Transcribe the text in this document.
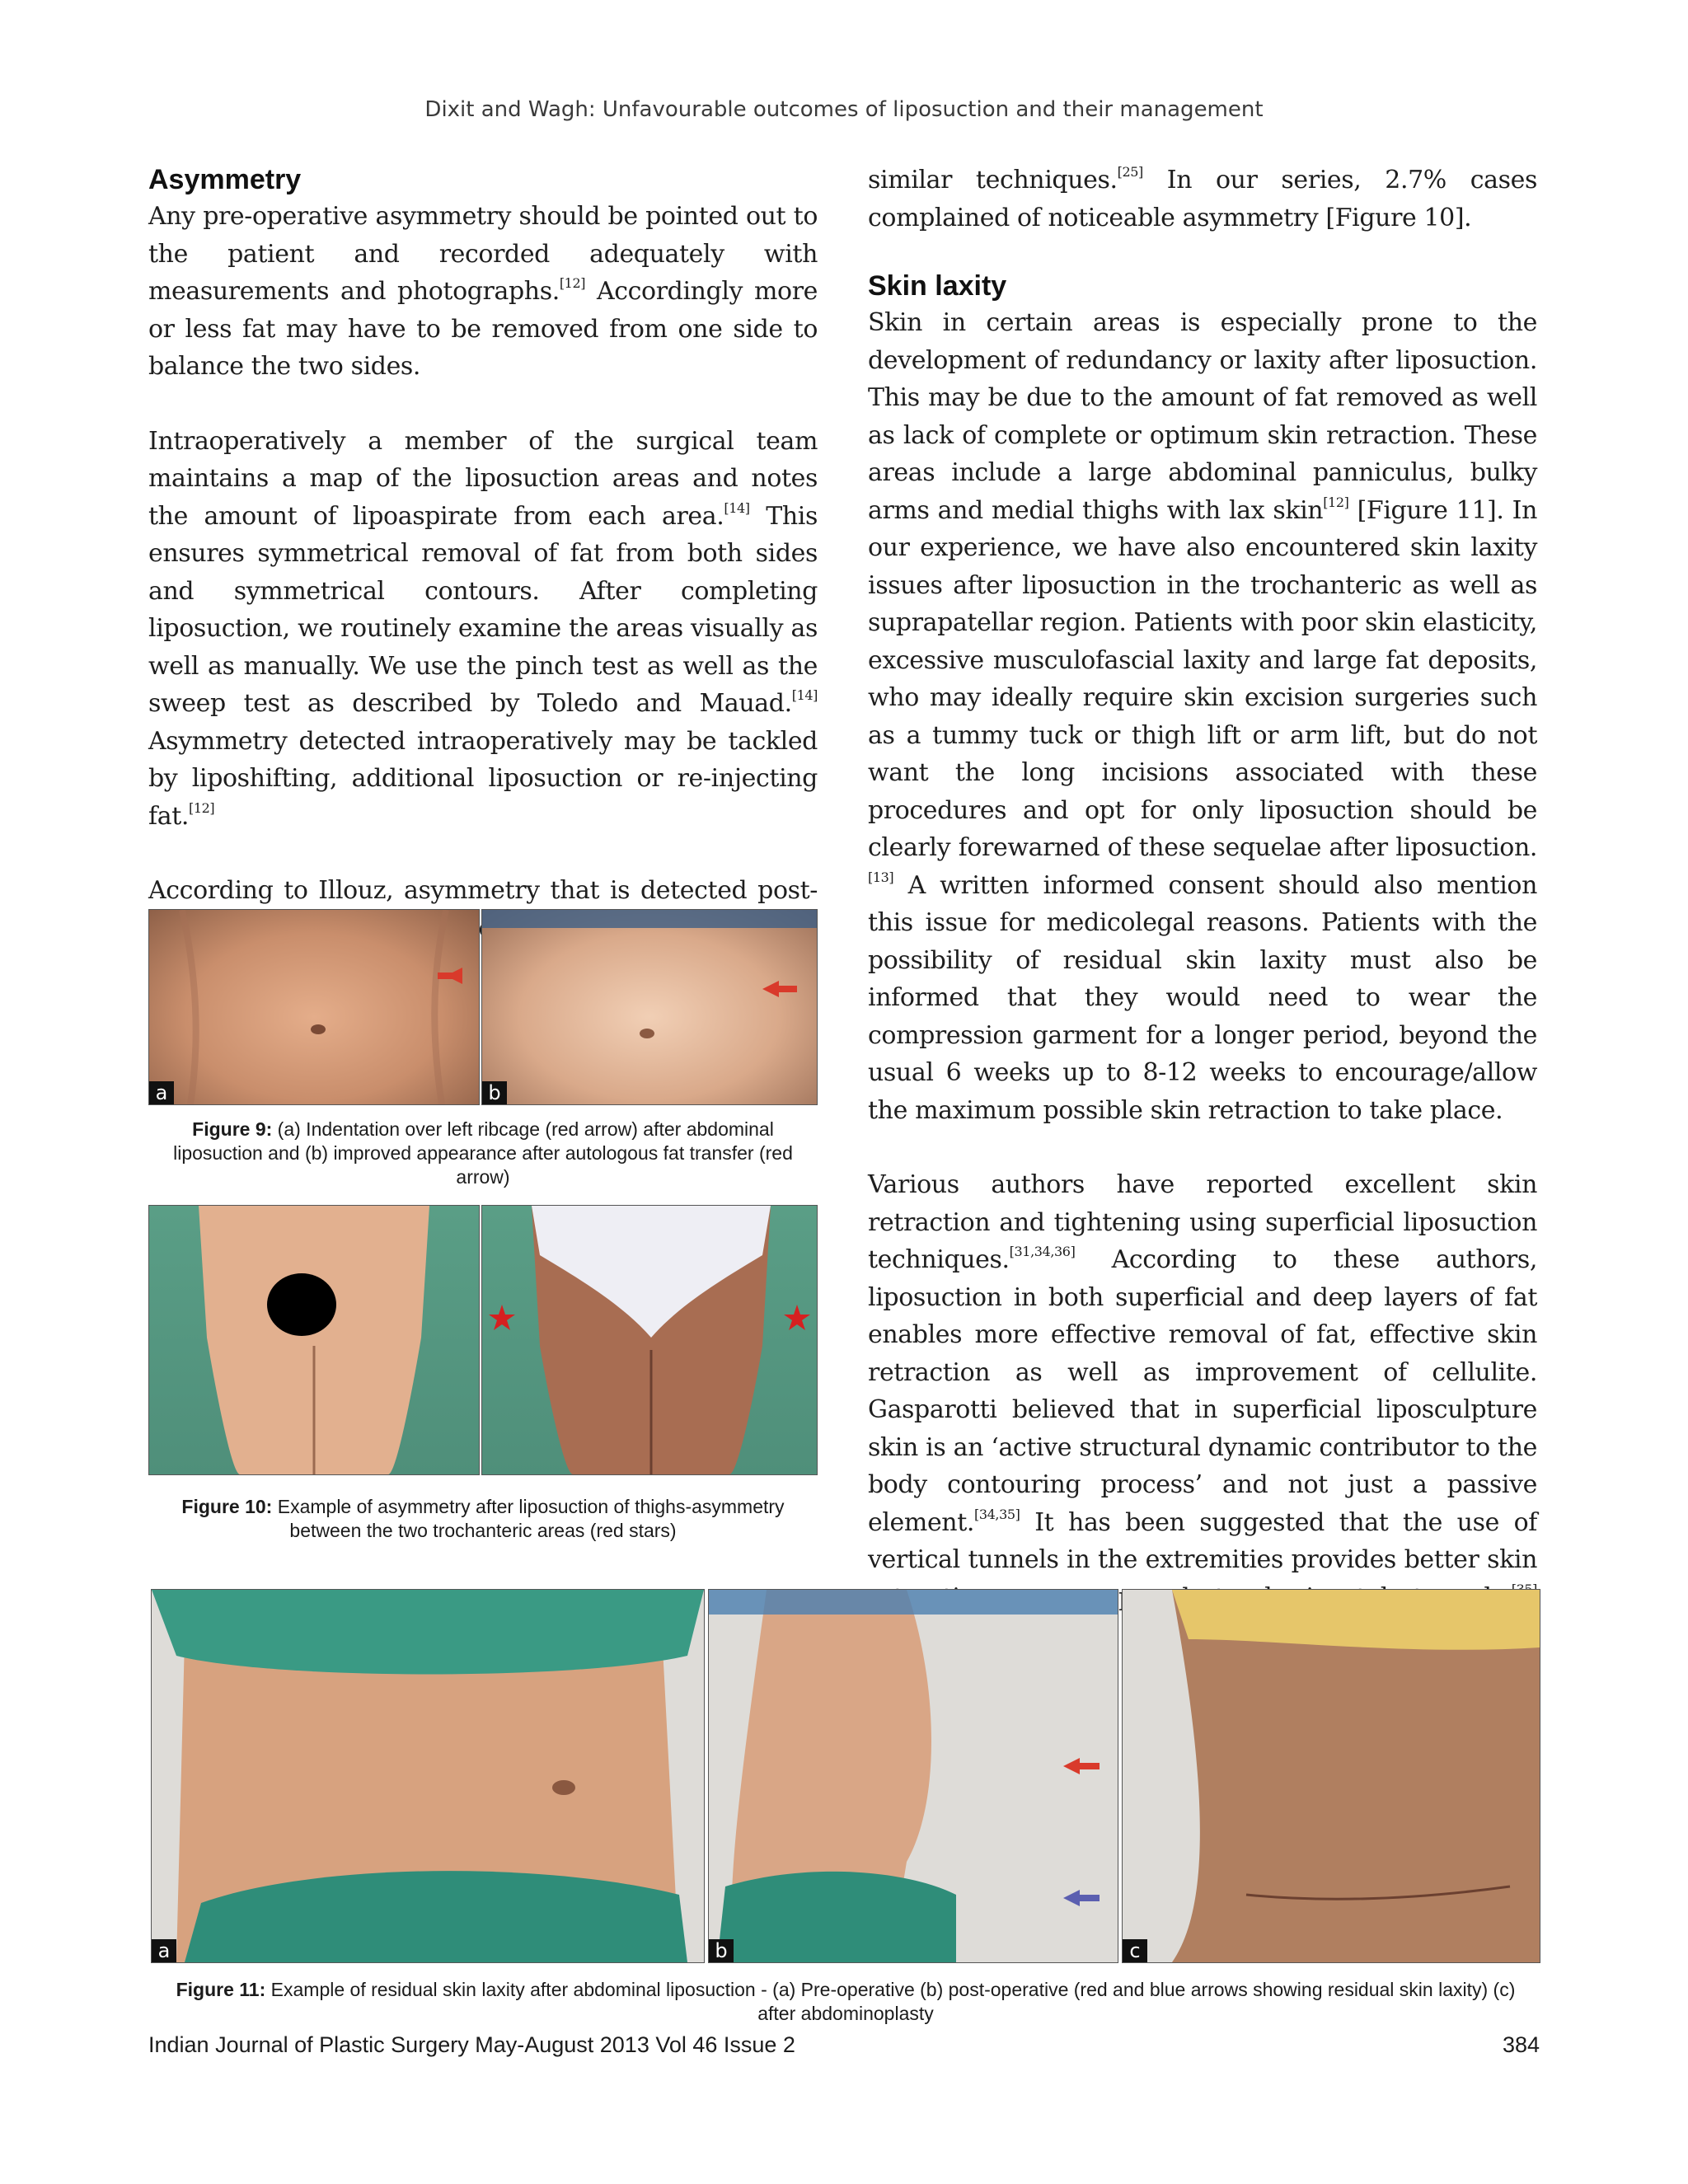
Dixit and Wagh: Unfavourable outcomes of liposuction and their management
Asymmetry

Any pre-operative asymmetry should be pointed out to the patient and recorded adequately with measurements and photographs.[12] Accordingly more or less fat may have to be removed from one side to balance the two sides.

Intraoperatively a member of the surgical team maintains a map of the liposuction areas and notes the amount of lipoaspirate from each area.[14] This ensures symmetrical removal of fat from both sides and symmetrical contours. After completing liposuction, we routinely examine the areas visually as well as manually. We use the pinch test as well as the sweep test as described by Toledo and Mauad.[14] Asymmetry detected intraoperatively may be tackled by liposhifting, additional liposuction or re-injecting fat.[12]

According to Illouz, asymmetry that is detected post-

similar techniques.[25] In our series, 2.7% cases complained of noticeable asymmetry [Figure 10].

Skin laxity

Skin in certain areas is especially prone to the development of redundancy or laxity after liposuction. This may be due to the amount of fat removed as well as lack of complete or optimum skin retraction. These areas include a large abdominal panniculus, bulky arms and medial thighs with lax skin[12] [Figure 11]. In our experience, we have also encountered skin laxity issues after liposuction in the trochanteric as well as suprapatellar region. Patients with poor skin elasticity, excessive musculofascial laxity and large fat deposits, who may ideally require skin excision surgeries such as a tummy tuck or thigh lift or arm lift, but do not want the long incisions associated with these procedures and opt for only liposuction should be clearly forewarned of these sequelae after liposuction.[13] A written informed consent should also mention this issue for medicolegal reasons. Patients with the possibility of residual skin laxity must also be informed that they would need to wear the compression garment for a longer period, beyond the usual 6 weeks up to 8-12 weeks to encourage/allow the maximum possible skin retraction to take place.

Various authors have reported excellent skin retraction and tightening using superficial liposuction techniques.[31,34,36] According to these authors, liposuction in both superficial and deep layers of fat enables more effective removal of fat, effective skin retraction as well as improvement of cellulite. Gasparotti believed that in superficial liposculpture skin is an ‘active structural dynamic contributor to the body contouring process’ and not just a passive element.[34,35] It has been suggested that the use of vertical tunnels in the extremities provides better skin

a	b
Figure 9: (a) Indentation over left ribcage (red arrow) after abdominal liposuction and (b) improved appearance after autologous fat transfer (red arrow)
Figure 10: Example of asymmetry after liposuction of thighs-asymmetry between the two trochanteric areas (red stars)
a	b	c
Figure 11: Example of residual skin laxity after abdominal liposuction - (a) Pre-operative (b) post-operative (red and blue arrows showing residual skin laxity) (c) after abdominoplasty
Indian Journal of Plastic Surgery May-August 2013 Vol 46 Issue 2	384
